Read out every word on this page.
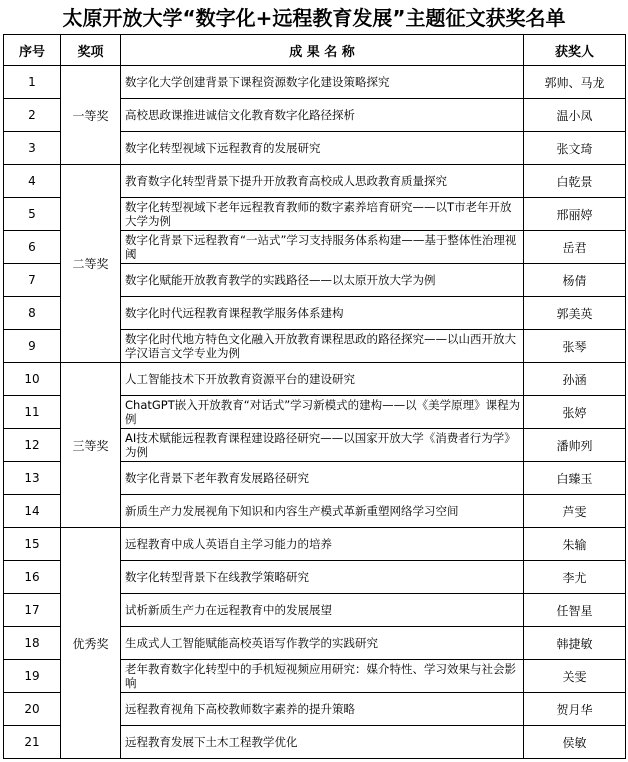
太原开放大学“数字化+远程教育发展”主题征文获奖名单
序号	奖项	成 果 名 称	获奖人
1	一等奖	数字化大学创建背景下课程资源数字化建设策略探究	郭帅、马龙
2		高校思政课推进诚信文化教育数字化路径探析	温小凤
3		数字化转型视域下远程教育的发展研究	张文琦
4	二等奖	教育数字化转型背景下提升开放教育高校成人思政教育质量探究	白乾景
5		数字化转型视域下老年远程教育教师的数字素养培育研究——以T市老年开放大学为例	邢丽婷
6		数字化背景下远程教育“一站式”学习支持服务体系构建——基于整体性治理视阈	岳君
7		数字化赋能开放教育教学的实践路径——以太原开放大学为例	杨倩
8		数字化时代远程教育课程教学服务体系建构	郭美英
9		数字化时代地方特色文化融入开放教育课程思政的路径探究——以山西开放大学汉语言文学专业为例	张琴
10	三等奖	人工智能技术下开放教育资源平台的建设研究	孙涵
11		ChatGPT嵌入开放教育“对话式”学习新模式的建构——以《美学原理》课程为例	张婷
12		AI技术赋能远程教育课程建设路径研究——以国家开放大学《消费者行为学》为例	潘帅列
13		数字化背景下老年教育发展路径研究	白臻玉
14		新质生产力发展视角下知识和内容生产模式革新重塑网络学习空间	芦雯
15	优秀奖	远程教育中成人英语自主学习能力的培养	朱输
16		数字化转型背景下在线教学策略研究	李尤
17		试析新质生产力在远程教育中的发展展望	任智星
18		生成式人工智能赋能高校英语写作教学的实践研究	韩捷敏
19		老年教育数字化转型中的手机短视频应用研究：媒介特性、学习效果与社会影响	关雯
20		远程教育视角下高校教师数字素养的提升策略	贺月华
21		远程教育发展下土木工程教学优化	侯敏
